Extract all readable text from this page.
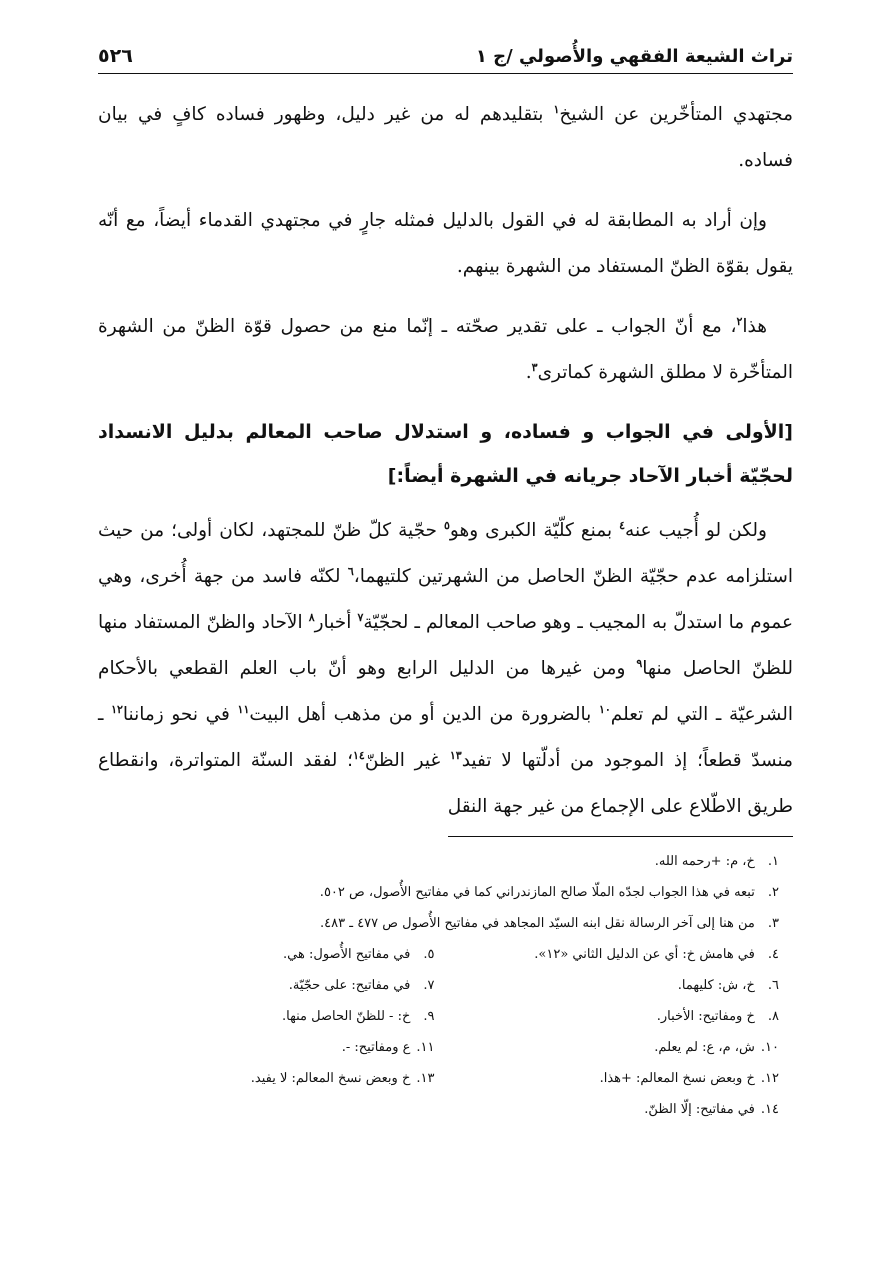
تراث الشيعة الفقهي والأُصولي /ج ١
٥٢٦

مجتهدي المتأخّرين عن الشيخ$^١$ بتقليدهم له من غير دليل، وظهور فساده كافٍ في بيان فساده.

وإن أراد به المطابقة له في القول بالدليل فمثله جارٍ في مجتهدي القدماء أيضاً، مع أنّه يقول بقوّة الظنّ المستفاد من الشهرة بينهم.

هذا$^٢$، مع أنّ الجواب ـ على تقدير صحّته ـ إنّما منع من حصول قوّة الظنّ من الشهرة المتأخّرة لا مطلق الشهرة كماترى$^٣$.

[الأولى في الجواب و فساده، و استدلال صاحب المعالم بدليل الانسداد لحجّيّة أخبار الآحاد جريانه في الشهرة أيضاً:]

ولكن لو أُجيب عنه$^٤$ بمنع كلّيّة الكبرى وهو$^٥$ حجّية كلّ ظنّ للمجتهد، لكان أولى؛ من حيث استلزامه عدم حجّيّة الظنّ الحاصل من الشهرتين كلتيهما،$^٦$ لكنّه فاسد من جهة أُخرى، وهي عموم ما استدلّ به المجيب ـ وهو صاحب المعالم ـ لحجّيّة$^٧$ أخبار$^٨$ الآحاد والظنّ المستفاد منها للظنّ الحاصل منها$^٩$ ومن غيرها من الدليل الرابع وهو أنّ باب العلم القطعي بالأحكام الشرعيّة ـ التي لم تعلم$^{١٠}$ بالضرورة من الدين أو من مذهب أهل البيت$^{١١}$ في نحو زماننا$^{١٢}$ ـ منسدّ قطعاً؛ إذ الموجود من أدلّتها لا تفيد$^{١٣}$ غير الظنّ$^{١٤}$؛ لفقد السنّة المتواترة، وانقطاع طريق الاطّلاع على الإجماع من غير جهة النقل

١. خ، م: +رحمه الله.
٢. تبعه في هذا الجواب لجدّه الملّا صالح المازندراني كما في مفاتيح الأُصول، ص ٥٠٢.
٣. من هنا إلى آخر الرسالة نقل ابنه السيّد المجاهد في مفاتيح الأُصول ص ٤٧٧ ـ ٤٨٣.
٤. في هامش خ: أي عن الدليل الثاني «١٢».
٥. في مفاتيح الأُصول: هي.
٦. خ، ش: كليهما.
٧. في مفاتيح: على حجّيّة.
٨. خ ومفاتيح: الأخبار.
٩. خ: - للظنّ الحاصل منها.
١٠. ش، م، ع: لم يعلم.
١١. ع ومفاتيح: -.
١٢. خ وبعض نسخ المعالم: +هذا.
١٣. خ وبعض نسخ المعالم: لا يفيد.
١٤. في مفاتيح: إلّا الظنّ.
